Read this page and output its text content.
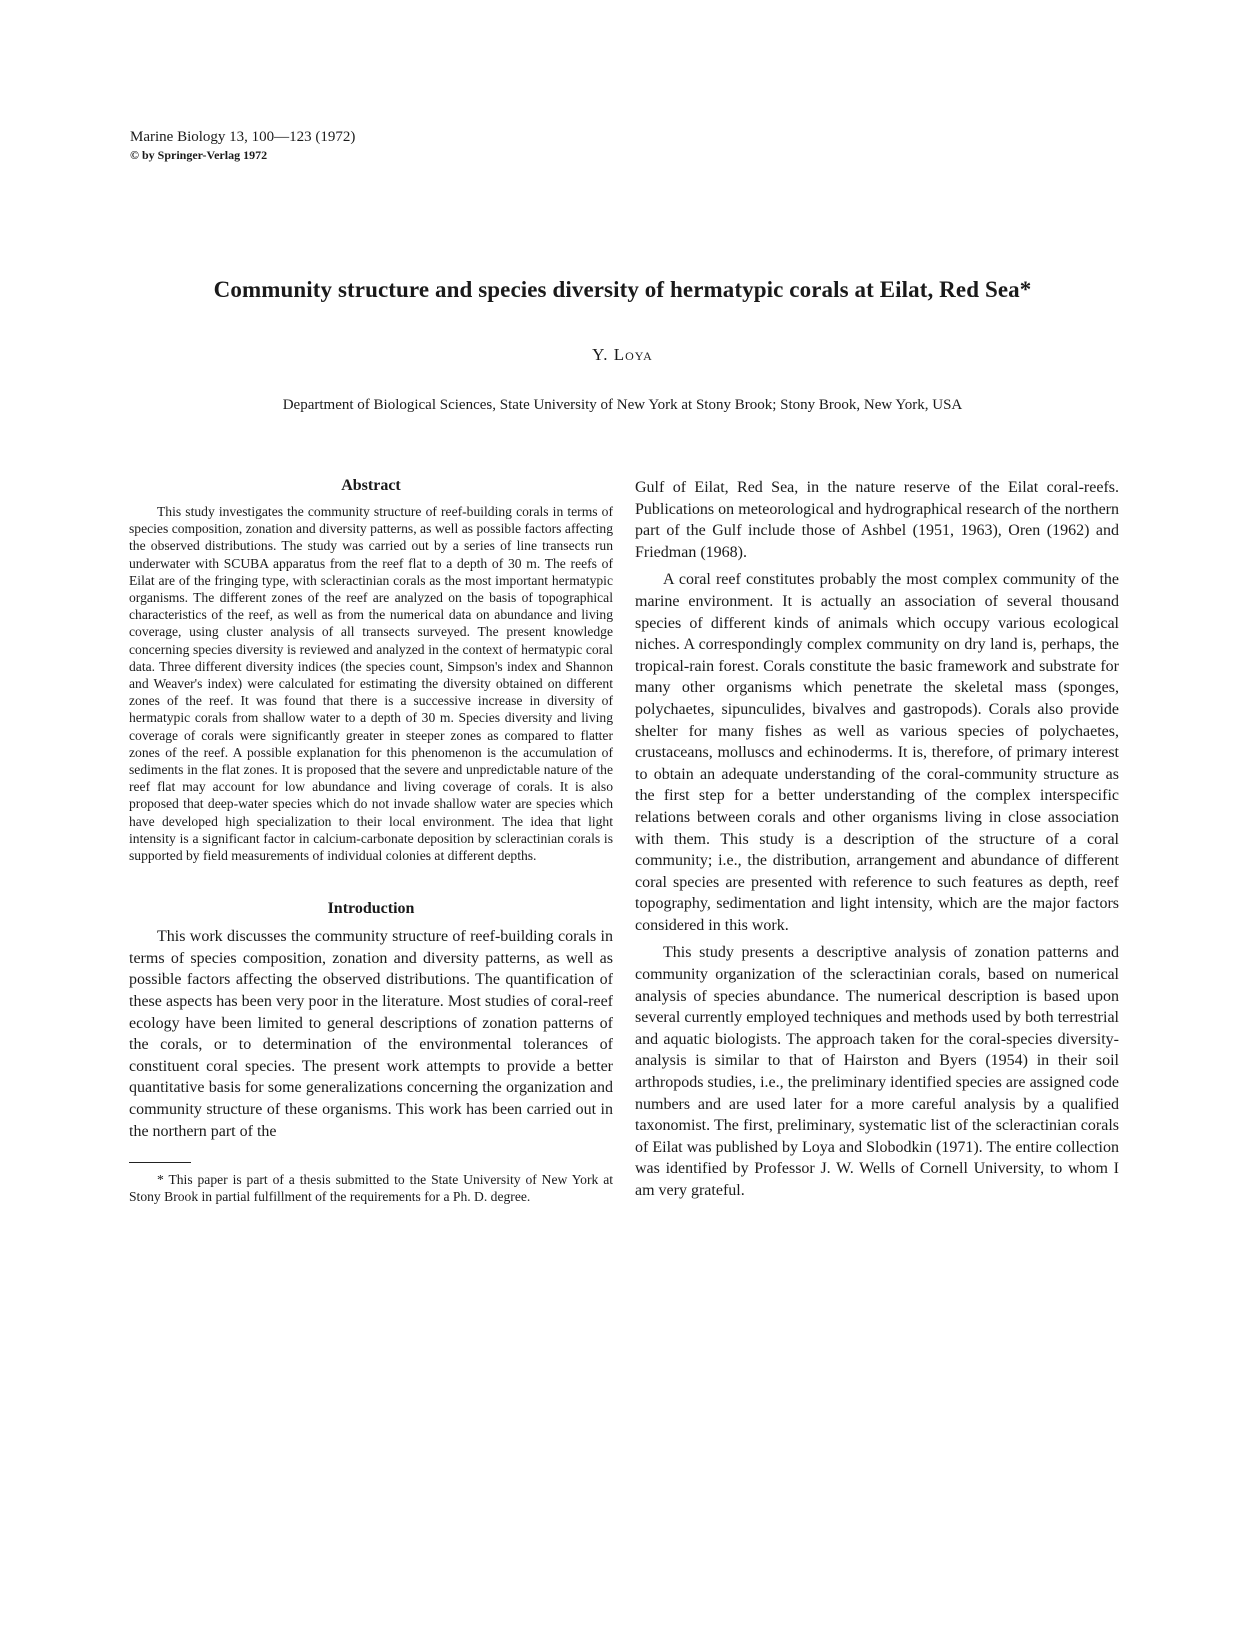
Marine Biology 13, 100—123 (1972)
© by Springer-Verlag 1972
Community structure and species diversity of hermatypic corals at Eilat, Red Sea*
Y. Loya
Department of Biological Sciences, State University of New York at Stony Brook; Stony Brook, New York, USA
Abstract

This study investigates the community structure of reef-building corals in terms of species composition, zonation and diversity patterns, as well as possible factors affecting the observed distributions. The study was carried out by a series of line transects run underwater with SCUBA apparatus from the reef flat to a depth of 30 m. The reefs of Eilat are of the fringing type, with scleractinian corals as the most important hermatypic organisms. The different zones of the reef are analyzed on the basis of topographical characteristics of the reef, as well as from the numerical data on abundance and living coverage, using cluster analysis of all transects surveyed. The present knowledge concerning species diversity is reviewed and analyzed in the context of hermatypic coral data. Three different diversity indices (the species count, Simpson's index and Shannon and Weaver's index) were calculated for estimating the diversity obtained on different zones of the reef. It was found that there is a successive increase in diversity of hermatypic corals from shallow water to a depth of 30 m. Species diversity and living coverage of corals were significantly greater in steeper zones as compared to flatter zones of the reef. A possible explanation for this phenomenon is the accumulation of sediments in the flat zones. It is proposed that the severe and unpredictable nature of the reef flat may account for low abundance and living coverage of corals. It is also proposed that deep-water species which do not invade shallow water are species which have developed high specialization to their local environment. The idea that light intensity is a significant factor in calcium-carbonate deposition by scleractinian corals is supported by field measurements of individual colonies at different depths.

Introduction

This work discusses the community structure of reef-building corals in terms of species composition, zonation and diversity patterns, as well as possible factors affecting the observed distributions. The quantification of these aspects has been very poor in the literature. Most studies of coral-reef ecology have been limited to general descriptions of zonation patterns of the corals, or to determination of the environmental tolerances of constituent coral species. The present work attempts to provide a better quantitative basis for some generalizations concerning the organization and community structure of these organisms. This work has been carried out in the northern part of the

* This paper is part of a thesis submitted to the State University of New York at Stony Brook in partial fulfillment of the requirements for a Ph. D. degree.

Gulf of Eilat, Red Sea, in the nature reserve of the Eilat coral-reefs. Publications on meteorological and hydrographical research of the northern part of the Gulf include those of Ashbel (1951, 1963), Oren (1962) and Friedman (1968).

A coral reef constitutes probably the most complex community of the marine environment. It is actually an association of several thousand species of different kinds of animals which occupy various ecological niches. A correspondingly complex community on dry land is, perhaps, the tropical-rain forest. Corals constitute the basic framework and substrate for many other organisms which penetrate the skeletal mass (sponges, polychaetes, sipunculides, bivalves and gastropods). Corals also provide shelter for many fishes as well as various species of polychaetes, crustaceans, molluscs and echinoderms. It is, therefore, of primary interest to obtain an adequate understanding of the coral-community structure as the first step for a better understanding of the complex interspecific relations between corals and other organisms living in close association with them. This study is a description of the structure of a coral community; i.e., the distribution, arrangement and abundance of different coral species are presented with reference to such features as depth, reef topography, sedimentation and light intensity, which are the major factors considered in this work.

This study presents a descriptive analysis of zonation patterns and community organization of the scleractinian corals, based on numerical analysis of species abundance. The numerical description is based upon several currently employed techniques and methods used by both terrestrial and aquatic biologists. The approach taken for the coral-species diversity-analysis is similar to that of Hairston and Byers (1954) in their soil arthropods studies, i.e., the preliminary identified species are assigned code numbers and are used later for a more careful analysis by a qualified taxonomist. The first, preliminary, systematic list of the scleractinian corals of Eilat was published by Loya and Slobodkin (1971). The entire collection was identified by Professor J. W. Wells of Cornell University, to whom I am very grateful.
